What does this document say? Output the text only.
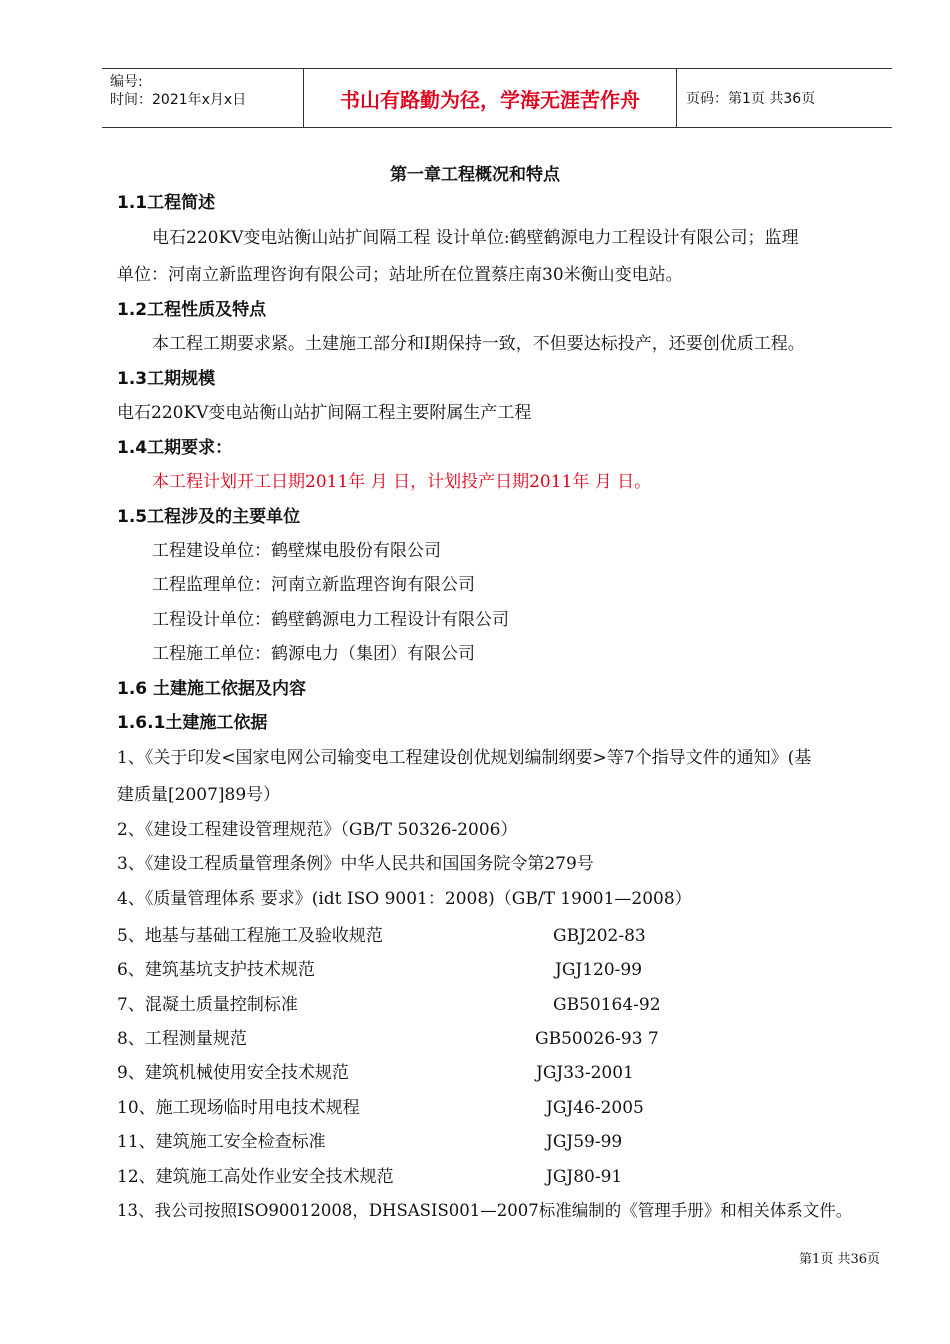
编号:
时间：2021年x月x日	书山有路勤为径，学海无涯苦作舟	页码：第1页 共36页
第一章工程概况和特点
1.1工程简述
电石220KV变电站衡山站扩间隔工程 设计单位:鹤壁鹤源电力工程设计有限公司；监理
单位：河南立新监理咨询有限公司；站址所在位置蔡庄南30米衡山变电站。
1.2工程性质及特点
本工程工期要求紧。土建施工部分和Ⅰ期保持一致，不但要达标投产，还要创优质工程。
1.3工期规模
电石220KV变电站衡山站扩间隔工程主要附属生产工程
1.4工期要求：
本工程计划开工日期2011年 月 日，计划投产日期2011年 月 日。
1.5工程涉及的主要单位
工程建设单位：鹤壁煤电股份有限公司
工程监理单位：河南立新监理咨询有限公司
工程设计单位：鹤壁鹤源电力工程设计有限公司
工程施工单位：鹤源电力（集团）有限公司
1.6 土建施工依据及内容
1.6.1土建施工依据
1、《关于印发<国家电网公司输变电工程建设创优规划编制纲要>等7个指导文件的通知》(基
建质量[2007]89号）
2、《建设工程建设管理规范》（GB/T 50326-2006）
3、《建设工程质量管理条例》中华人民共和国国务院令第279号
4、《质量管理体系 要求》(idt ISO 9001：2008)（GB/T 19001—2008）
5、地基与基础工程施工及验收规范	GBJ202-83
6、建筑基坑支护技术规范	JGJ120-99
7、混凝土质量控制标准	GB50164-92
8、工程测量规范	GB50026-93 7
9、建筑机械使用安全技术规范	JGJ33-2001
10、施工现场临时用电技术规程	JGJ46-2005
11、建筑施工安全检查标准	JGJ59-99
12、建筑施工高处作业安全技术规范	JGJ80-91
13、我公司按照ISO90012008，DHSASIS001—2007标准编制的《管理手册》和相关体系文件。
第1页 共36页
